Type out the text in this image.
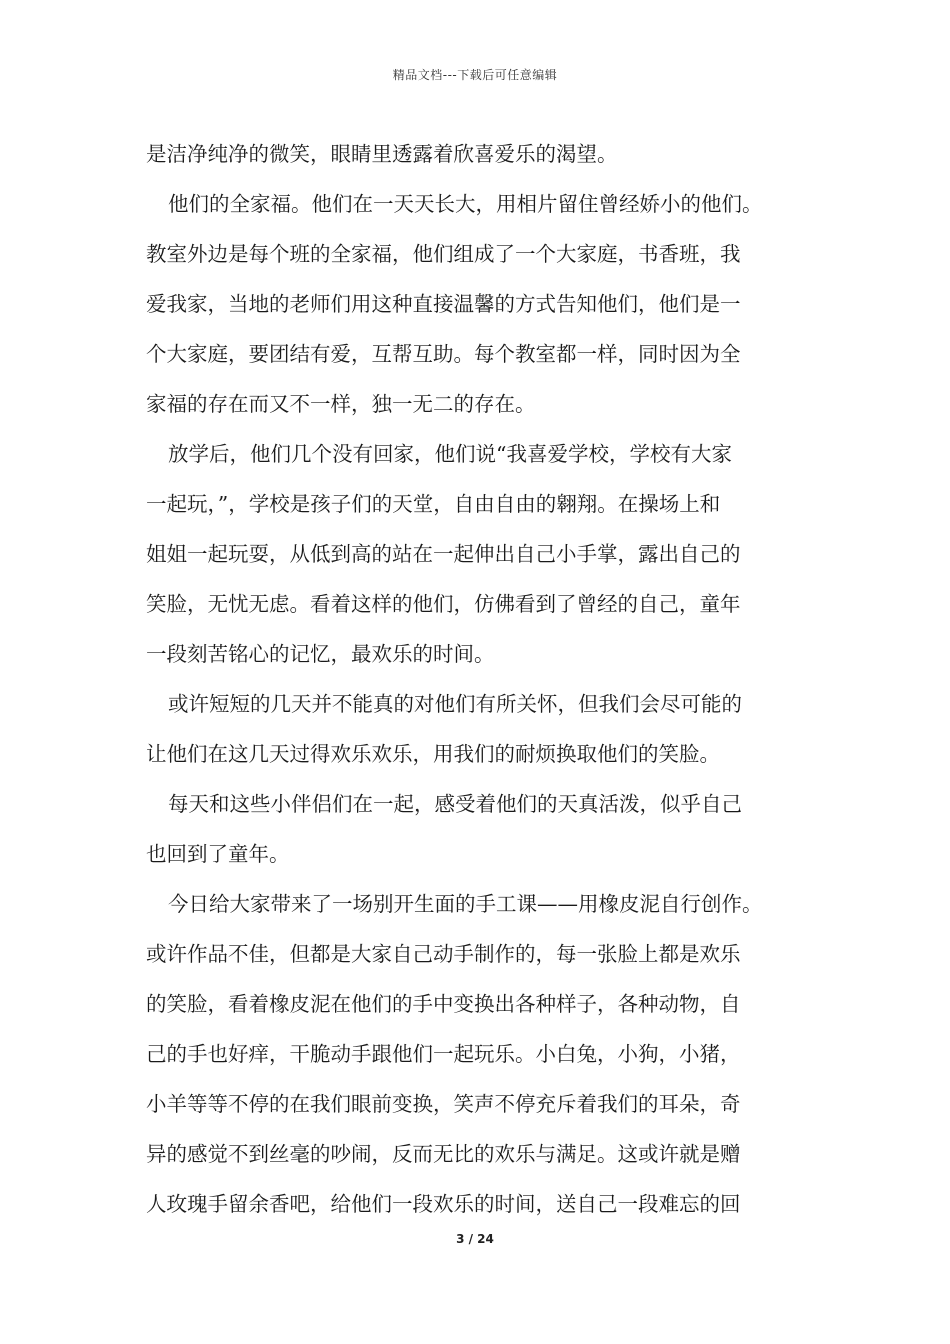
精品文档---下载后可任意编辑
是洁净纯净的微笑，眼睛里透露着欣喜爱乐的渴望。
他们的全家福。他们在一天天长大，用相片留住曾经娇小的他们。
教室外边是每个班的全家福，他们组成了一个大家庭，书香班，我
爱我家，当地的老师们用这种直接温馨的方式告知他们，他们是一
个大家庭，要团结有爱，互帮互助。每个教室都一样，同时因为全
家福的存在而又不一样，独一无二的存在。
放学后，他们几个没有回家，他们说“我喜爱学校，学校有大家
一起玩，”，学校是孩子们的天堂，自由自由的翱翔。在操场上和
姐姐一起玩耍，从低到高的站在一起伸出自己小手掌，露出自己的
笑脸，无忧无虑。看着这样的他们，仿佛看到了曾经的自己，童年
一段刻苦铭心的记忆，最欢乐的时间。
或许短短的几天并不能真的对他们有所关怀，但我们会尽可能的
让他们在这几天过得欢乐欢乐，用我们的耐烦换取他们的笑脸。
每天和这些小伴侣们在一起，感受着他们的天真活泼，似乎自己
也回到了童年。
今日给大家带来了一场别开生面的手工课——用橡皮泥自行创作。
或许作品不佳，但都是大家自己动手制作的，每一张脸上都是欢乐
的笑脸，看着橡皮泥在他们的手中变换出各种样子，各种动物，自
己的手也好痒，干脆动手跟他们一起玩乐。小白兔，小狗，小猪，
小羊等等不停的在我们眼前变换，笑声不停充斥着我们的耳朵，奇
异的感觉不到丝毫的吵闹，反而无比的欢乐与满足。这或许就是赠
人玫瑰手留余香吧，给他们一段欢乐的时间，送自己一段难忘的回
3 / 24
